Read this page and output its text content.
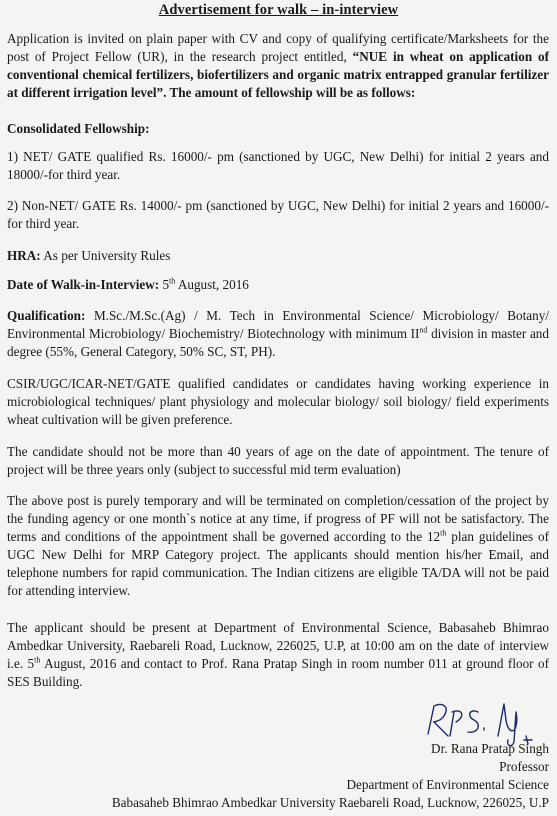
Advertisement for walk – in-interview

Application is invited on plain paper with CV and copy of qualifying certificate/Marksheets for the post of Project Fellow (UR), in the research project entitled, “NUE in wheat on application of conventional chemical fertilizers, biofertilizers and organic matrix entrapped granular fertilizer at different irrigation level”. The amount of fellowship will be as follows:

Consolidated Fellowship:

1) NET/ GATE qualified Rs. 16000/- pm (sanctioned by UGC, New Delhi) for initial 2 years and 18000/-for third year.

2) Non-NET/ GATE Rs. 14000/- pm (sanctioned by UGC, New Delhi) for initial 2 years and 16000/-for third year.

HRA: As per University Rules

Date of Walk-in-Interview: 5th August, 2016

Qualification: M.Sc./M.Sc.(Ag) / M. Tech in Environmental Science/ Microbiology/ Botany/ Environmental Microbiology/ Biochemistry/ Biotechnology with minimum IInd division in master and degree (55%, General Category, 50% SC, ST, PH).

CSIR/UGC/ICAR-NET/GATE qualified candidates or candidates having working experience in microbiological techniques/ plant physiology and molecular biology/ soil biology/ field experiments wheat cultivation will be given preference.

The candidate should not be more than 40 years of age on the date of appointment. The tenure of project will be three years only (subject to successful mid term evaluation)

The above post is purely temporary and will be terminated on completion/cessation of the project by the funding agency or one month`s notice at any time, if progress of PF will not be satisfactory. The terms and conditions of the appointment shall be governed according to the 12th plan guidelines of UGC New Delhi for MRP Category project. The applicants should mention his/her Email, and telephone numbers for rapid communication. The Indian citizens are eligible TA/DA will not be paid for attending interview.

The applicant should be present at Department of Environmental Science, Babasaheb Bhimrao Ambedkar University, Raebareli Road, Lucknow, 226025, U.P, at 10:00 am on the date of interview i.e. 5th August, 2016 and contact to Prof. Rana Pratap Singh in room number 011 at ground floor of SES Building.

Dr. Rana Pratap Singh
Professor
Department of Environmental Science
Babasaheb Bhimrao Ambedkar University Raebareli Road, Lucknow, 226025, U.P
